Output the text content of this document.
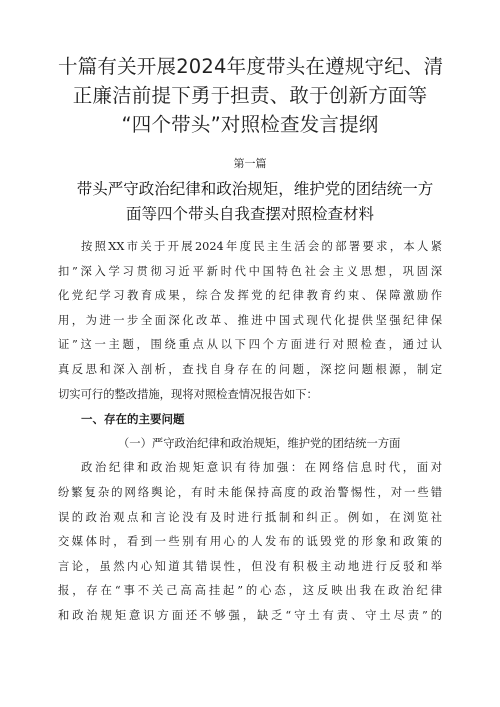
十篇有关开展2024年度带头在遵规守纪、清
正廉洁前提下勇于担责、敢于创新方面等
“四个带头”对照检查发言提纲
第一篇
带头严守政治纪律和政治规矩，维护党的团结统一方
面等四个带头自我查摆对照检查材料
按照XX市关于开展2024年度民主生活会的部署要求，本人紧
扣”深入学习贯彻习近平新时代中国特色社会主义思想，巩固深
化党纪学习教育成果，综合发挥党的纪律教育约束、保障激励作
用，为进一步全面深化改革、推进中国式现代化提供坚强纪律保
证”这一主题，围绕重点从以下四个方面进行对照检查，通过认
真反思和深入剖析，查找自身存在的问题，深挖问题根源，制定
切实可行的整改措施，现将对照检查情况报告如下：
一、存在的主要问题
（一）严守政治纪律和政治规矩，维护党的团结统一方面
政治纪律和政治规矩意识有待加强：在网络信息时代，面对
纷繁复杂的网络舆论，有时未能保持高度的政治警惕性，对一些错
误的政治观点和言论没有及时进行抵制和纠正。例如，在浏览社
交媒体时，看到一些别有用心的人发布的诋毁党的形象和政策的
言论，虽然内心知道其错误性，但没有积极主动地进行反驳和举
报，存在“事不关己高高挂起”的心态，这反映出我在政治纪律
和政治规矩意识方面还不够强，缺乏“守土有责、守土尽责”的
